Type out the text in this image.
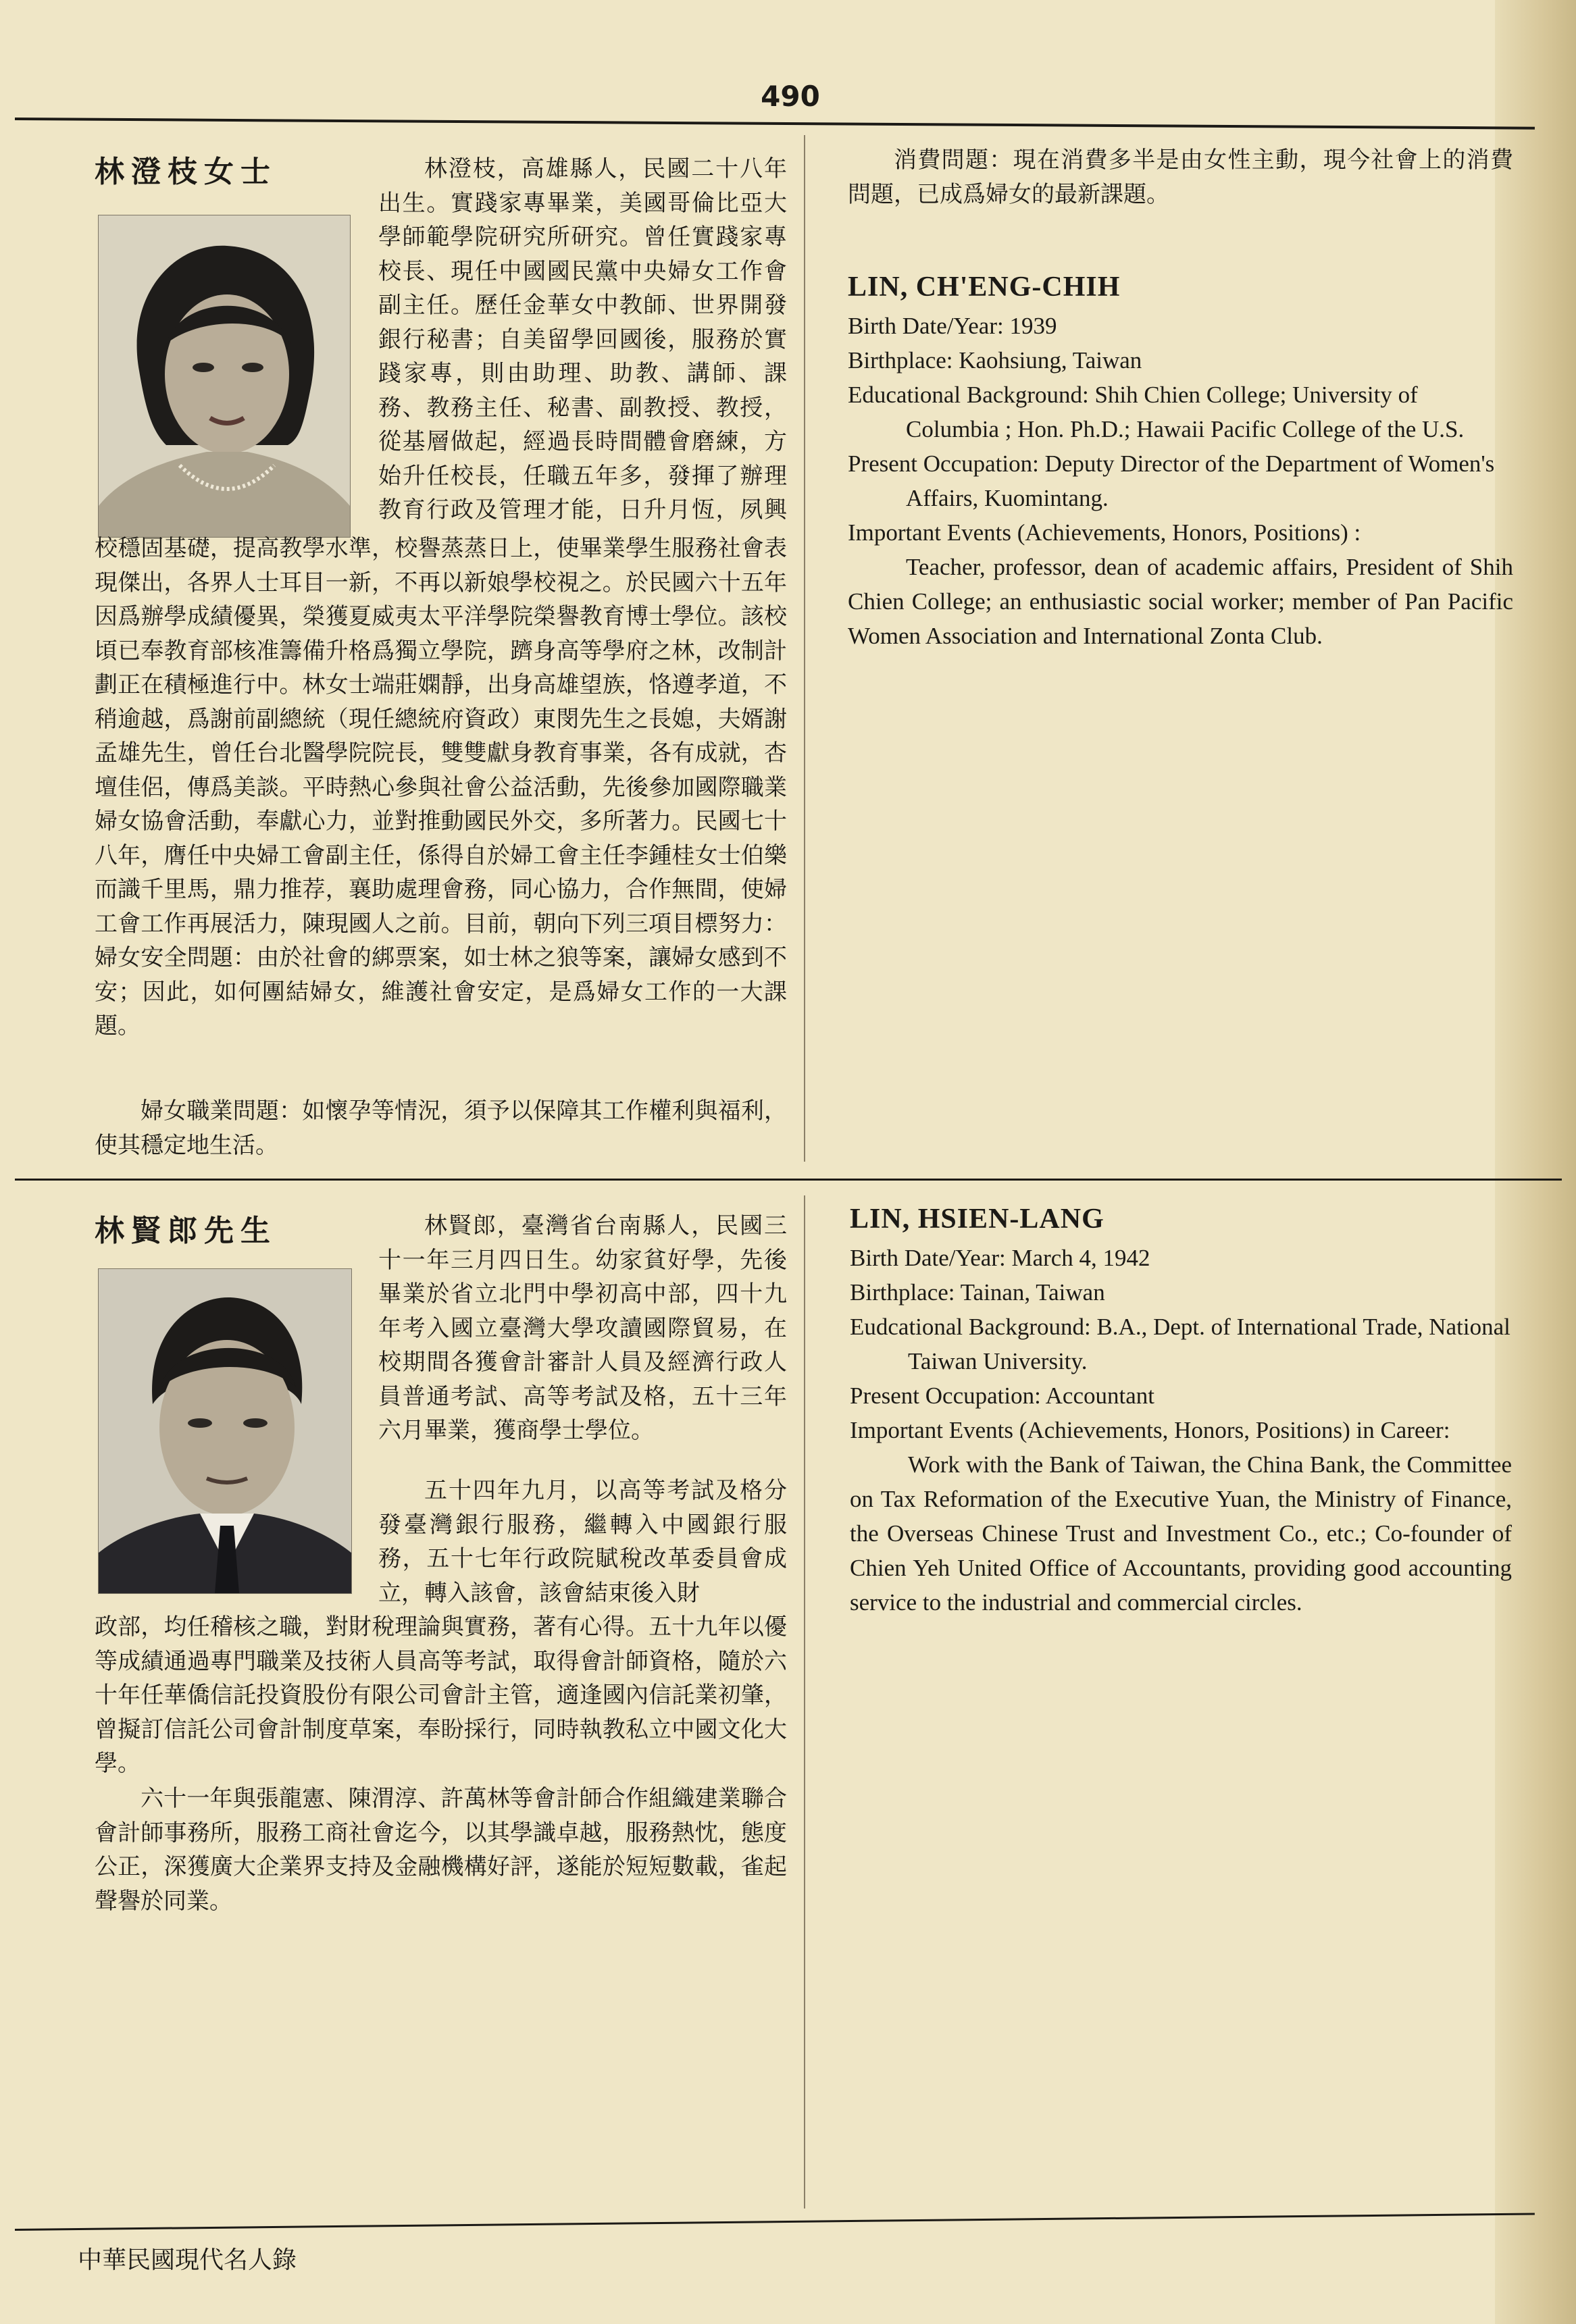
490
林澄枝女士	林澄枝，高雄縣人，民國二十八年出生。實踐家專畢業，美國哥倫比亞大學師範學院研究所研究。曾任實踐家專校長、現任中國國民黨中央婦女工作會副主任。歷任金華女中教師、世界開發銀行秘書；自美留學回國後，服務於實踐家專，則由助理、助教、講師、課務、教務主任、秘書、副教授、教授，從基層做起，經過長時間體會磨練，方始升任校長，任職五年多，發揮了辦理教育行政及管理才能，日升月恆，夙興

校穩固基礎，提高教學水準，校譽蒸蒸日上，使畢業學生服務社會表現傑出，各界人士耳目一新，不再以新娘學校視之。於民國六十五年因爲辦學成績優異，榮獲夏威夷太平洋學院榮譽教育博士學位。該校頃已奉教育部核准籌備升格爲獨立學院，躋身高等學府之林，改制計劃正在積極進行中。林女士端莊嫻靜，出身高雄望族，恪遵孝道，不稍逾越，爲謝前副總統（現任總統府資政）東閔先生之長媳，夫婿謝孟雄先生，曾任台北醫學院院長，雙雙獻身教育事業，各有成就，杏壇佳侶，傳爲美談。平時熱心參與社會公益活動，先後參加國際職業婦女協會活動，奉獻心力，並對推動國民外交，多所著力。民國七十八年，膺任中央婦工會副主任，係得自於婦工會主任李鍾桂女士伯樂而識千里馬，鼎力推荐，襄助處理會務，同心協力，合作無間，使婦工會工作再展活力，陳現國人之前。目前，朝向下列三項目標努力：婦女安全問題：由於社會的綁票案，如士林之狼等案，讓婦女感到不安；因此，如何團結婦女，維護社會安定，是爲婦女工作的一大課題。

婦女職業問題：如懷孕等情況，須予以保障其工作權利與福利，使其穩定地生活。

消費問題：現在消費多半是由女性主動，現今社會上的消費問題，已成爲婦女的最新課題。

LIN, CH'ENG-CHIH

Birth Date/Year: 1939

Birthplace: Kaohsiung, Taiwan

Educational Background: Shih Chien College; University of Columbia ; Hon. Ph.D.; Hawaii Pacific College of the U.S.

Present Occupation: Deputy Director of the Department of Women's Affairs, Kuomintang.

Important Events (Achievements, Honors, Positions) :

Teacher, professor, dean of academic affairs, President of Shih Chien College; an enthusiastic social worker; member of Pan Pacific Women Association and International Zonta Club.

林賢郎先生	林賢郎，臺灣省台南縣人，民國三十一年三月四日生。幼家貧好學，先後畢業於省立北門中學初高中部，四十九年考入國立臺灣大學攻讀國際貿易，在校期間各獲會計審計人員及經濟行政人員普通考試、高等考試及格，五十三年六月畢業，獲商學士學位。

五十四年九月，以高等考試及格分發臺灣銀行服務，繼轉入中國銀行服務，五十七年行政院賦稅改革委員會成立，轉入該會，該會結束後入財

政部，均任稽核之職，對財稅理論與實務，著有心得。五十九年以優等成績通過專門職業及技術人員高等考試，取得會計師資格，隨於六十年任華僑信託投資股份有限公司會計主管，適逢國內信託業初肇，曾擬訂信託公司會計制度草案，奉盼採行，同時執教私立中國文化大學。

六十一年與張龍憲、陳渭淳、許萬林等會計師合作組織建業聯合會計師事務所，服務工商社會迄今，以其學識卓越，服務熱忱，態度公正，深獲廣大企業界支持及金融機構好評，遂能於短短數載，雀起聲譽於同業。

LIN, HSIEN-LANG

Birth Date/Year: March 4, 1942

Birthplace: Tainan, Taiwan

Eudcational Background: B.A., Dept. of International Trade, National Taiwan University.

Present Occupation: Accountant

Important Events (Achievements, Honors, Positions) in Career:

Work with the Bank of Taiwan, the China Bank, the Committee on Tax Reformation of the Executive Yuan, the Ministry of Finance, the Overseas Chinese Trust and Investment Co., etc.; Co-founder of Chien Yeh United Office of Accountants, providing good accounting service to the industrial and commercial circles.

中華民國現代名人錄
